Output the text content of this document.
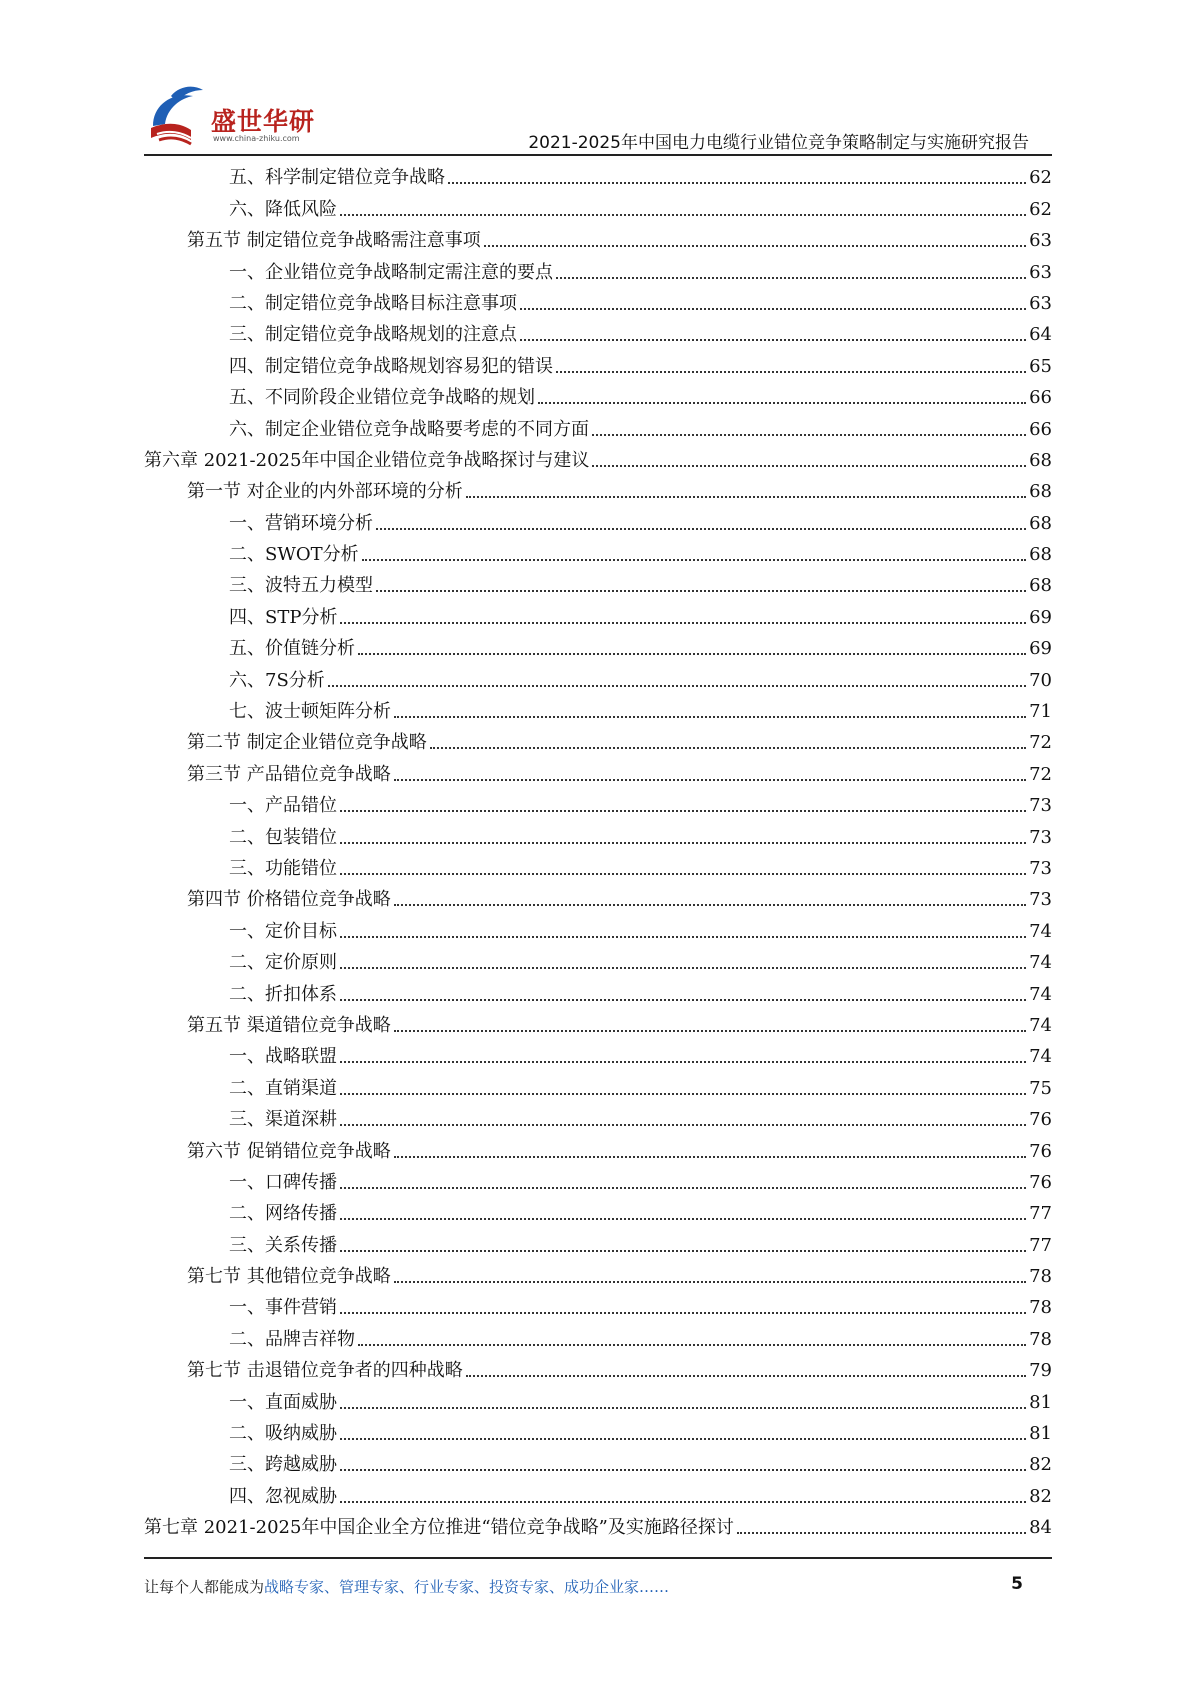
盛世华研
www.china-zhiku.com	2021-2025年中国电力电缆行业错位竞争策略制定与实施研究报告
五、科学制定错位竞争战略	62
六、降低风险	62
第五节 制定错位竞争战略需注意事项	63
一、企业错位竞争战略制定需注意的要点	63
二、制定错位竞争战略目标注意事项	63
三、制定错位竞争战略规划的注意点	64
四、制定错位竞争战略规划容易犯的错误	65
五、不同阶段企业错位竞争战略的规划	66
六、制定企业错位竞争战略要考虑的不同方面	66
第六章 2021-2025年中国企业错位竞争战略探讨与建议	68
第一节 对企业的内外部环境的分析	68
一、营销环境分析	68
二、SWOT分析	68
三、波特五力模型	68
四、STP分析	69
五、价值链分析	69
六、7S分析	70
七、波士顿矩阵分析	71
第二节 制定企业错位竞争战略	72
第三节 产品错位竞争战略	72
一、产品错位	73
二、包装错位	73
三、功能错位	73
第四节 价格错位竞争战略	73
一、定价目标	74
二、定价原则	74
二、折扣体系	74
第五节 渠道错位竞争战略	74
一、战略联盟	74
二、直销渠道	75
三、渠道深耕	76
第六节 促销错位竞争战略	76
一、口碑传播	76
二、网络传播	77
三、关系传播	77
第七节 其他错位竞争战略	78
一、事件营销	78
二、品牌吉祥物	78
第七节 击退错位竞争者的四种战略	79
一、直面威胁	81
二、吸纳威胁	81
三、跨越威胁	82
四、忽视威胁	82
第七章 2021-2025年中国企业全方位推进“错位竞争战略”及实施路径探讨	84
让每个人都能成为战略专家、管理专家、行业专家、投资专家、成功企业家……	5
